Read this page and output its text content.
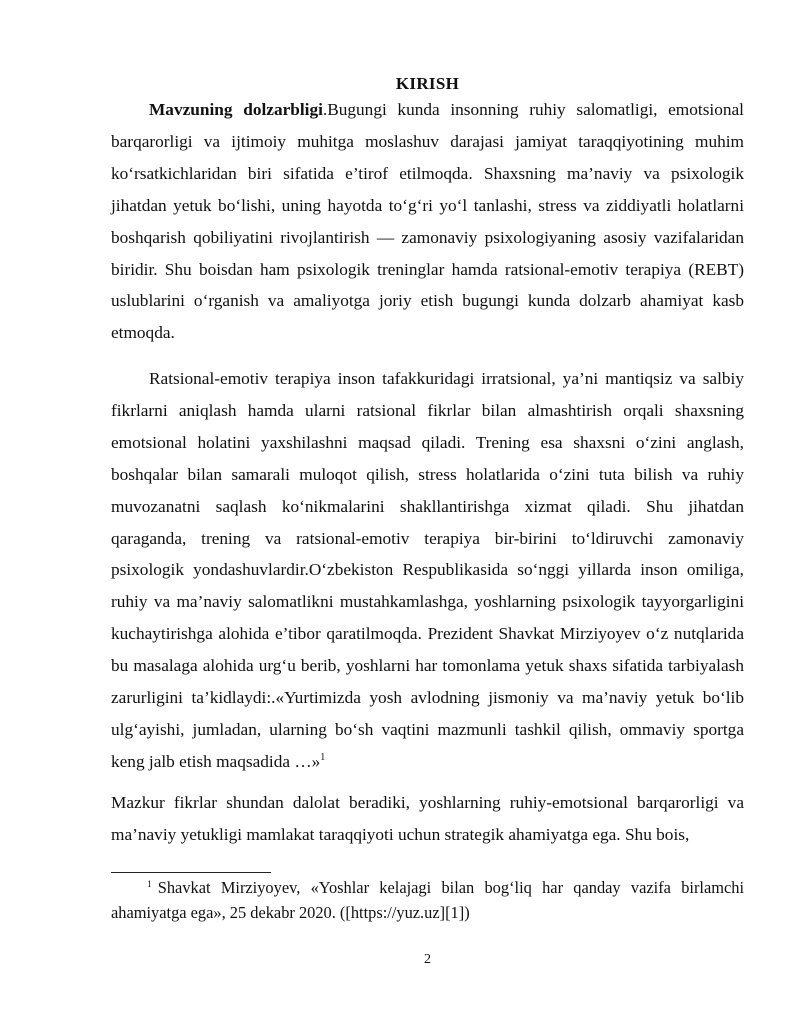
KIRISH
Mavzuning dolzarbligi.Bugungi kunda insonning ruhiy salomatligi, emotsional barqarorligi va ijtimoiy muhitga moslashuv darajasi jamiyat taraqqiyotining muhim ko‘rsatkichlaridan biri sifatida e’tirof etilmoqda. Shaxsning ma’naviy va psixologik jihatdan yetuk bo‘lishi, uning hayotda to‘g‘ri yo‘l tanlashi, stress va ziddiyatli holatlarni boshqarish qobiliyatini rivojlantirish — zamonaviy psixologiyaning asosiy vazifalaridan biridir. Shu boisdan ham psixologik treninglar hamda ratsional-emotiv terapiya (REBT) uslublarini o‘rganish va amaliyotga joriy etish bugungi kunda dolzarb ahamiyat kasb etmoqda.
Ratsional-emotiv terapiya inson tafakkuridagi irratsional, ya’ni mantiqsiz va salbiy fikrlarni aniqlash hamda ularni ratsional fikrlar bilan almashtirish orqali shaxsning emotsional holatini yaxshilashni maqsad qiladi. Trening esa shaxsni o‘zini anglash, boshqalar bilan samarali muloqot qilish, stress holatlarida o‘zini tuta bilish va ruhiy muvozanatni saqlash ko‘nikmalarini shakllantirishga xizmat qiladi. Shu jihatdan qaraganda, trening va ratsional-emotiv terapiya bir-birini to‘ldiruvchi zamonaviy psixologik yondashuvlardir.O‘zbekiston Respublikasida so‘nggi yillarda inson omiliga, ruhiy va ma’naviy salomatlikni mustahkamlashga, yoshlarning psixologik tayyorgarligini kuchaytirishga alohida e’tibor qaratilmoqda. Prezident Shavkat Mirziyoyev o‘z nutqlarida bu masalaga alohida urg‘u berib, yoshlarni har tomonlama yetuk shaxs sifatida tarbiyalash zarurligini ta’kidlaydi:.«Yurtimizda yosh avlodning jismoniy va ma’naviy yetuk bo‘lib ulg‘ayishi, jumladan, ularning bo‘sh vaqtini mazmunli tashkil qilish, ommaviy sportga keng jalb etish maqsadida …»$^1$
Mazkur fikrlar shundan dalolat beradiki, yoshlarning ruhiy-emotsional barqarorligi va ma’naviy yetukligi mamlakat taraqqiyoti uchun strategik ahamiyatga ega. Shu bois,
$^1$ Shavkat Mirziyoyev, «Yoshlar kelajagi bilan bog‘liq har qanday vazifa birlamchi ahamiyatga ega», 25 dekabr 2020. ([https://yuz.uz][1])
2
